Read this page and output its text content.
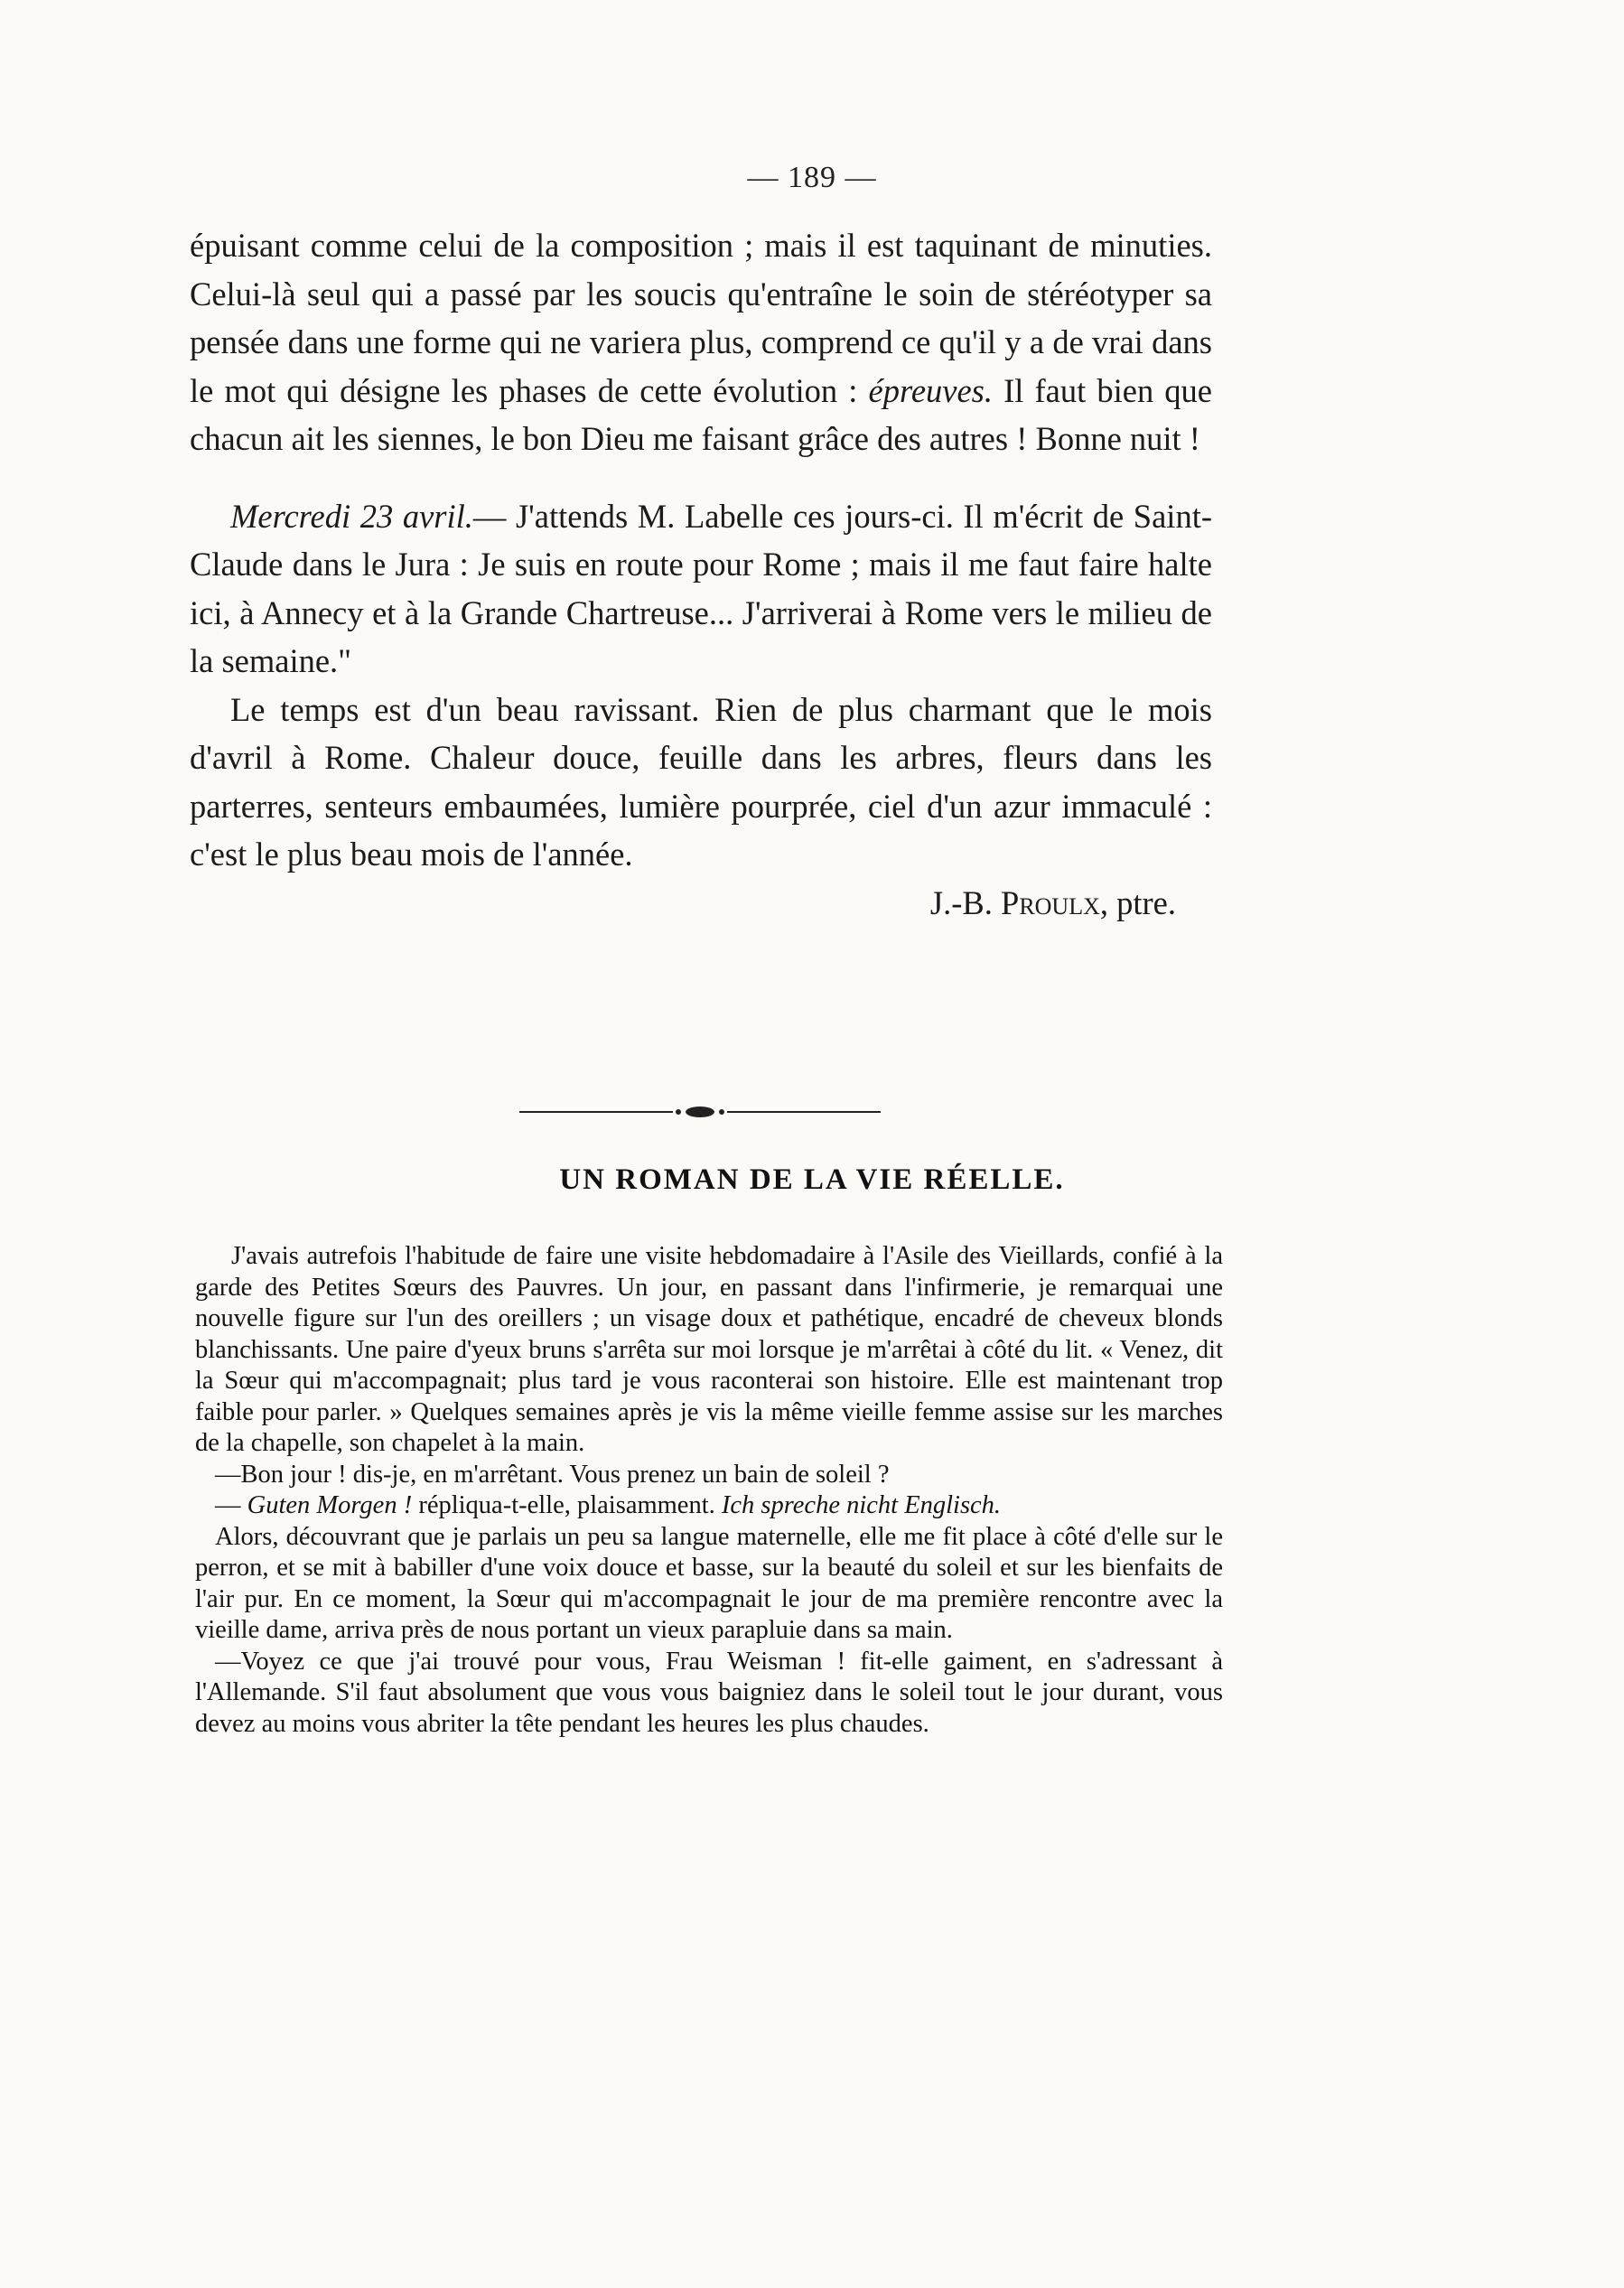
— 189 —

épuisant comme celui de la composition ; mais il est taquinant de minuties. Celui-là seul qui a passé par les soucis qu'entraîne le soin de stéréotyper sa pensée dans une forme qui ne variera plus, comprend ce qu'il y a de vrai dans le mot qui désigne les phases de cette évolution : épreuves. Il faut bien que chacun ait les siennes, le bon Dieu me faisant grâce des autres ! Bonne nuit !

Mercredi 23 avril.— J'attends M. Labelle ces jours-ci. Il m'écrit de Saint-Claude dans le Jura : Je suis en route pour Rome ; mais il me faut faire halte ici, à Annecy et à la Grande Chartreuse... J'arriverai à Rome vers le milieu de la semaine."

Le temps est d'un beau ravissant. Rien de plus charmant que le mois d'avril à Rome. Chaleur douce, feuille dans les arbres, fleurs dans les parterres, senteurs embaumées, lumière pourprée, ciel d'un azur immaculé : c'est le plus beau mois de l'année.

J.-B. Proulx, ptre.

UN ROMAN DE LA VIE RÉELLE.

J'avais autrefois l'habitude de faire une visite hebdomadaire à l'Asile des Vieillards, confié à la garde des Petites Sœurs des Pauvres. Un jour, en passant dans l'infirmerie, je remarquai une nouvelle figure sur l'un des oreillers ; un visage doux et pathétique, encadré de cheveux blonds blanchissants. Une paire d'yeux bruns s'arrêta sur moi lorsque je m'arrêtai à côté du lit. « Venez, dit la Sœur qui m'accompagnait; plus tard je vous raconterai son histoire. Elle est maintenant trop faible pour parler. » Quelques semaines après je vis la même vieille femme assise sur les marches de la chapelle, son chapelet à la main.

—Bon jour ! dis-je, en m'arrêtant. Vous prenez un bain de soleil ?

— Guten Morgen ! répliqua-t-elle, plaisamment. Ich spreche nicht Englisch.

Alors, découvrant que je parlais un peu sa langue maternelle, elle me fit place à côté d'elle sur le perron, et se mit à babiller d'une voix douce et basse, sur la beauté du soleil et sur les bienfaits de l'air pur. En ce moment, la Sœur qui m'accompagnait le jour de ma première rencontre avec la vieille dame, arriva près de nous portant un vieux parapluie dans sa main.

—Voyez ce que j'ai trouvé pour vous, Frau Weisman ! fit-elle gaiment, en s'adressant à l'Allemande. S'il faut absolument que vous vous baigniez dans le soleil tout le jour durant, vous devez au moins vous abriter la tête pendant les heures les plus chaudes.
